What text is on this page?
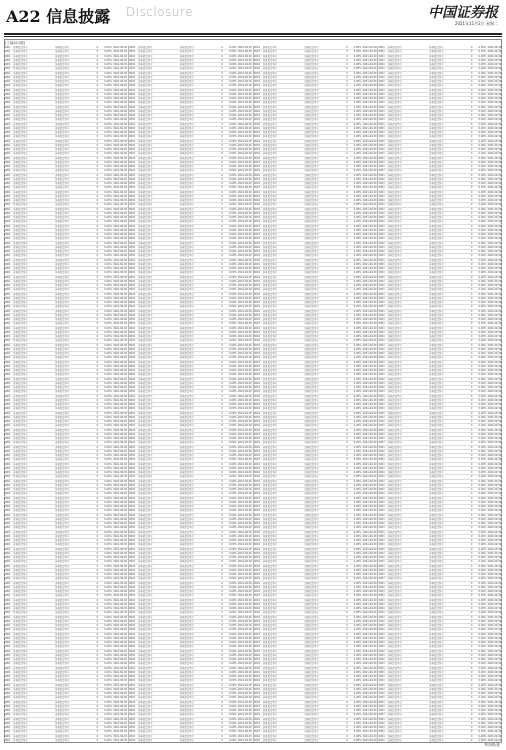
A22 信息披露 Disclosure	中国证券报
2021年11月2日 星期二
(上接A21版)
0001	证券投资基金	证券投资基金	0	0.00% 2021-09-30
0001	证券投资基金	证券投资基金	0	0.00% 2021-09-30
0001	证券投资基金	证券投资基金	0	0.00% 2021-09-30
0001	证券投资基金	证券投资基金	0	0.00% 2021-09-30
0001	证券投资基金	证券投资基金	0	0.00% 2021-09-30
0001	证券投资基金	证券投资基金	0	0.00% 2021-09-30
0001	证券投资基金	证券投资基金	0	0.00% 2021-09-30
0001	证券投资基金	证券投资基金	0	0.00% 2021-09-30
0001	证券投资基金	证券投资基金	0	0.00% 2021-09-30
0001	证券投资基金	证券投资基金	0	0.00% 2021-09-30
0001	证券投资基金	证券投资基金	0	0.00% 2021-09-30
0001	证券投资基金	证券投资基金	0	0.00% 2021-09-30
0001	证券投资基金	证券投资基金	0	0.00% 2021-09-30
0001	证券投资基金	证券投资基金	0	0.00% 2021-09-30
0001	证券投资基金	证券投资基金	0	0.00% 2021-09-30
0001	证券投资基金	证券投资基金	0	0.00% 2021-09-30
0001	证券投资基金	证券投资基金	0	0.00% 2021-09-30
0001	证券投资基金	证券投资基金	0	0.00% 2021-09-30
0001	证券投资基金	证券投资基金	0	0.00% 2021-09-30
0001	证券投资基金	证券投资基金	0	0.00% 2021-09-30
0001	证券投资基金	证券投资基金	0	0.00% 2021-09-30
0001	证券投资基金	证券投资基金	0	0.00% 2021-09-30
0001	证券投资基金	证券投资基金	0	0.00% 2021-09-30
0001	证券投资基金	证券投资基金	0	0.00% 2021-09-30
0001	证券投资基金	证券投资基金	0	0.00% 2021-09-30
0001	证券投资基金	证券投资基金	0	0.00% 2021-09-30
0001	证券投资基金	证券投资基金	0	0.00% 2021-09-30
0001	证券投资基金	证券投资基金	0	0.00% 2021-09-30
0001	证券投资基金	证券投资基金	0	0.00% 2021-09-30
0001	证券投资基金	证券投资基金	0	0.00% 2021-09-30
0001	证券投资基金	证券投资基金	0	0.00% 2021-09-30
0001	证券投资基金	证券投资基金	0	0.00% 2021-09-30
0001	证券投资基金	证券投资基金	0	0.00% 2021-09-30
0001	证券投资基金	证券投资基金	0	0.00% 2021-09-30
0001	证券投资基金	证券投资基金	0	0.00% 2021-09-30
0001	证券投资基金	证券投资基金	0	0.00% 2021-09-30
0001	证券投资基金	证券投资基金	0	0.00% 2021-09-30
0001	证券投资基金	证券投资基金	0	0.00% 2021-09-30
0001	证券投资基金	证券投资基金	0	0.00% 2021-09-30
0001	证券投资基金	证券投资基金	0	0.00% 2021-09-30
0001	证券投资基金	证券投资基金	0	0.00% 2021-09-30
0001	证券投资基金	证券投资基金	0	0.00% 2021-09-30
0001	证券投资基金	证券投资基金	0	0.00% 2021-09-30
0001	证券投资基金	证券投资基金	0	0.00% 2021-09-30
0001	证券投资基金	证券投资基金	0	0.00% 2021-09-30
0001	证券投资基金	证券投资基金	0	0.00% 2021-09-30
0001	证券投资基金	证券投资基金	0	0.00% 2021-09-30
0001	证券投资基金	证券投资基金	0	0.00% 2021-09-30
0001	证券投资基金	证券投资基金	0	0.00% 2021-09-30
0001	证券投资基金	证券投资基金	0	0.00% 2021-09-30
0001	证券投资基金	证券投资基金	0	0.00% 2021-09-30
0001	证券投资基金	证券投资基金	0	0.00% 2021-09-30
0001	证券投资基金	证券投资基金	0	0.00% 2021-09-30
0001	证券投资基金	证券投资基金	0	0.00% 2021-09-30
0001	证券投资基金	证券投资基金	0	0.00% 2021-09-30
0001	证券投资基金	证券投资基金	0	0.00% 2021-09-30
0001	证券投资基金	证券投资基金	0	0.00% 2021-09-30
0001	证券投资基金	证券投资基金	0	0.00% 2021-09-30
0001	证券投资基金	证券投资基金	0	0.00% 2021-09-30
0001	证券投资基金	证券投资基金	0	0.00% 2021-09-30
0001	证券投资基金	证券投资基金	0	0.00% 2021-09-30
0001	证券投资基金	证券投资基金	0	0.00% 2021-09-30
0001	证券投资基金	证券投资基金	0	0.00% 2021-09-30
0001	证券投资基金	证券投资基金	0	0.00% 2021-09-30
0001	证券投资基金	证券投资基金	0	0.00% 2021-09-30
0001	证券投资基金	证券投资基金	0	0.00% 2021-09-30
0001	证券投资基金	证券投资基金	0	0.00% 2021-09-30
0001	证券投资基金	证券投资基金	0	0.00% 2021-09-30
0001	证券投资基金	证券投资基金	0	0.00% 2021-09-30
0001	证券投资基金	证券投资基金	0	0.00% 2021-09-30
0001	证券投资基金	证券投资基金	0	0.00% 2021-09-30
0001	证券投资基金	证券投资基金	0	0.00% 2021-09-30
0001	证券投资基金	证券投资基金	0	0.00% 2021-09-30
0001	证券投资基金	证券投资基金	0	0.00% 2021-09-30
0001	证券投资基金	证券投资基金	0	0.00% 2021-09-30
0001	证券投资基金	证券投资基金	0	0.00% 2021-09-30
0001	证券投资基金	证券投资基金	0	0.00% 2021-09-30
0001	证券投资基金	证券投资基金	0	0.00% 2021-09-30
0001	证券投资基金	证券投资基金	0	0.00% 2021-09-30
0001	证券投资基金	证券投资基金	0	0.00% 2021-09-30
0001	证券投资基金	证券投资基金	0	0.00% 2021-09-30
0001	证券投资基金	证券投资基金	0	0.00% 2021-09-30
0001	证券投资基金	证券投资基金	0	0.00% 2021-09-30
0001	证券投资基金	证券投资基金	0	0.00% 2021-09-30
0001	证券投资基金	证券投资基金	0	0.00% 2021-09-30
0001	证券投资基金	证券投资基金	0	0.00% 2021-09-30
0001	证券投资基金	证券投资基金	0	0.00% 2021-09-30
0001	证券投资基金	证券投资基金	0	0.00% 2021-09-30
0001	证券投资基金	证券投资基金	0	0.00% 2021-09-30
0001	证券投资基金	证券投资基金	0	0.00% 2021-09-30
0001	证券投资基金	证券投资基金	0	0.00% 2021-09-30
0001	证券投资基金	证券投资基金	0	0.00% 2021-09-30
0001	证券投资基金	证券投资基金	0	0.00% 2021-09-30
0001	证券投资基金	证券投资基金	0	0.00% 2021-09-30
0001	证券投资基金	证券投资基金	0	0.00% 2021-09-30
0001	证券投资基金	证券投资基金	0	0.00% 2021-09-30
0001	证券投资基金	证券投资基金	0	0.00% 2021-09-30
0001	证券投资基金	证券投资基金	0	0.00% 2021-09-30
0001	证券投资基金	证券投资基金	0	0.00% 2021-09-30
0001	证券投资基金	证券投资基金	0	0.00% 2021-09-30
0001	证券投资基金	证券投资基金	0	0.00% 2021-09-30
0001	证券投资基金	证券投资基金	0	0.00% 2021-09-30
0001	证券投资基金	证券投资基金	0	0.00% 2021-09-30
0001	证券投资基金	证券投资基金	0	0.00% 2021-09-30
0001	证券投资基金	证券投资基金	0	0.00% 2021-09-30
0001	证券投资基金	证券投资基金	0	0.00% 2021-09-30
0001	证券投资基金	证券投资基金	0	0.00% 2021-09-30
0001	证券投资基金	证券投资基金	0	0.00% 2021-09-30
0001	证券投资基金	证券投资基金	0	0.00% 2021-09-30
0001	证券投资基金	证券投资基金	0	0.00% 2021-09-30
0001	证券投资基金	证券投资基金	0	0.00% 2021-09-30
0001	证券投资基金	证券投资基金	0	0.00% 2021-09-30
0001	证券投资基金	证券投资基金	0	0.00% 2021-09-30
0001	证券投资基金	证券投资基金	0	0.00% 2021-09-30
0001	证券投资基金	证券投资基金	0	0.00% 2021-09-30
0001	证券投资基金	证券投资基金	0	0.00% 2021-09-30
0001	证券投资基金	证券投资基金	0	0.00% 2021-09-30
0001	证券投资基金	证券投资基金	0	0.00% 2021-09-30
0001	证券投资基金	证券投资基金	0	0.00% 2021-09-30
0001	证券投资基金	证券投资基金	0	0.00% 2021-09-30
0001	证券投资基金	证券投资基金	0	0.00% 2021-09-30
0001	证券投资基金	证券投资基金	0	0.00% 2021-09-30
0001	证券投资基金	证券投资基金	0	0.00% 2021-09-30
0001	证券投资基金	证券投资基金	0	0.00% 2021-09-30
0001	证券投资基金	证券投资基金	0	0.00% 2021-09-30
0001	证券投资基金	证券投资基金	0	0.00% 2021-09-30
0001	证券投资基金	证券投资基金	0	0.00% 2021-09-30
0001	证券投资基金	证券投资基金	0	0.00% 2021-09-30
0001	证券投资基金	证券投资基金	0	0.00% 2021-09-30
0001	证券投资基金	证券投资基金	0	0.00% 2021-09-30
0001	证券投资基金	证券投资基金	0	0.00% 2021-09-30
0001	证券投资基金	证券投资基金	0	0.00% 2021-09-30
0001	证券投资基金	证券投资基金	0	0.00% 2021-09-30
0001	证券投资基金	证券投资基金	0	0.00% 2021-09-30
0001	证券投资基金	证券投资基金	0	0.00% 2021-09-30
0001	证券投资基金	证券投资基金	0	0.00% 2021-09-30
0001	证券投资基金	证券投资基金	0	0.00% 2021-09-30
0001	证券投资基金	证券投资基金	0	0.00% 2021-09-30
0001	证券投资基金	证券投资基金	0	0.00% 2021-09-30
0001	证券投资基金	证券投资基金	0	0.00% 2021-09-30
0001	证券投资基金	证券投资基金	0	0.00% 2021-09-30
0001	证券投资基金	证券投资基金	0	0.00% 2021-09-30
0001	证券投资基金	证券投资基金	0	0.00% 2021-09-30
0001	证券投资基金	证券投资基金	0	0.00% 2021-09-30
0001	证券投资基金	证券投资基金	0	0.00% 2021-09-30
0001	证券投资基金	证券投资基金	0	0.00% 2021-09-30
0001	证券投资基金	证券投资基金	0	0.00% 2021-09-30
0001	证券投资基金	证券投资基金	0	0.00% 2021-09-30
0001	证券投资基金	证券投资基金	0	0.00% 2021-09-30
0001	证券投资基金	证券投资基金	0	0.00% 2021-09-30
0001	证券投资基金	证券投资基金	0	0.00% 2021-09-30
0001	证券投资基金	证券投资基金	0	0.00% 2021-09-30
0001	证券投资基金	证券投资基金	0	0.00% 2021-09-30
0001	证券投资基金	证券投资基金	0	0.00% 2021-09-30
0001	证券投资基金	证券投资基金	0	0.00% 2021-09-30
0001	证券投资基金	证券投资基金	0	0.00% 2021-09-30
0001	证券投资基金	证券投资基金	0	0.00% 2021-09-30
0001	证券投资基金	证券投资基金	0	0.00% 2021-09-30
0001	证券投资基金	证券投资基金	0	0.00% 2021-09-30
0001	证券投资基金	证券投资基金	0	0.00% 2021-09-30
0001	证券投资基金	证券投资基金	0	0.00% 2021-09-30
0001	证券投资基金	证券投资基金	0	0.00% 2021-09-30
0001	证券投资基金	证券投资基金	0	0.00% 2021-09-30
0001	证券投资基金	证券投资基金	0	0.00% 2021-09-30
0001	证券投资基金	证券投资基金	0	0.00% 2021-09-30
0001	证券投资基金	证券投资基金	0	0.00% 2021-09-30
0001	证券投资基金	证券投资基金	0	0.00% 2021-09-30
0001	证券投资基金	证券投资基金	0	0.00% 2021-09-30
0001	证券投资基金	证券投资基金	0	0.00% 2021-09-30
0001	证券投资基金	证券投资基金	0	0.00% 2021-09-30
0001	证券投资基金	证券投资基金	0	0.00% 2021-09-30
0001	证券投资基金	证券投资基金	0	0.00% 2021-09-30
0001	证券投资基金	证券投资基金	0	0.00% 2021-09-30
0001	证券投资基金	证券投资基金	0	0.00% 2021-09-30
0001	证券投资基金	证券投资基金	0	0.00% 2021-09-30
0001	证券投资基金	证券投资基金	0	0.00% 2021-09-30
0001	证券投资基金	证券投资基金	0	0.00% 2021-09-30
0001	证券投资基金	证券投资基金	0	0.00% 2021-09-30
0001	证券投资基金	证券投资基金	0	0.00% 2021-09-30
0001	证券投资基金	证券投资基金	0	0.00% 2021-09-30
0001	证券投资基金	证券投资基金	0	0.00% 2021-09-30
0001	证券投资基金	证券投资基金	0	0.00% 2021-09-30
0001	证券投资基金	证券投资基金	0	0.00% 2021-09-30
0001	证券投资基金	证券投资基金	0	0.00% 2021-09-30
0001	证券投资基金	证券投资基金	0	0.00% 2021-09-30
0001	证券投资基金	证券投资基金	0	0.00% 2021-09-30
0001	证券投资基金	证券投资基金	0	0.00% 2021-09-30
0001	证券投资基金	证券投资基金	0	0.00% 2021-09-30
0001	证券投资基金	证券投资基金	0	0.00% 2021-09-30
0001	证券投资基金	证券投资基金	0	0.00% 2021-09-30
0001	证券投资基金	证券投资基金	0	0.00% 2021-09-30
0001	证券投资基金	证券投资基金	0	0.00% 2021-09-30
0001	证券投资基金	证券投资基金	0	0.00% 2021-09-30
0001	证券投资基金	证券投资基金	0	0.00% 2021-09-30
0001	证券投资基金	证券投资基金	0	0.00% 2021-09-30
0001	证券投资基金	证券投资基金	0	0.00% 2021-09-30
0001	证券投资基金	证券投资基金	0	0.00% 2021-09-30
0001	证券投资基金	证券投资基金	0	0.00% 2021-09-30
0001	证券投资基金	证券投资基金	0	0.00% 2021-09-30
0001	证券投资基金	证券投资基金	0	0.00% 2021-09-30
0001	证券投资基金	证券投资基金	0	0.00% 2021-09-30
0001	证券投资基金	证券投资基金	0	0.00% 2021-09-30
0001	证券投资基金	证券投资基金	0	0.00% 2021-09-30
0001	证券投资基金	证券投资基金	0	0.00% 2021-09-30
0001	证券投资基金	证券投资基金	0	0.00% 2021-09-30
0001	证券投资基金	证券投资基金	0	0.00% 2021-09-30
0001	证券投资基金	证券投资基金	0	0.00% 2021-09-30
0001	证券投资基金	证券投资基金	0	0.00% 2021-09-30
0001	证券投资基金	证券投资基金	0	0.00% 2021-09-30
0001	证券投资基金	证券投资基金	0	0.00% 2021-09-30
0001	证券投资基金	证券投资基金	0	0.00% 2021-09-30
0001	证券投资基金	证券投资基金	0	0.00% 2021-09-30
0001	证券投资基金	证券投资基金	0	0.00% 2021-09-30
0001	证券投资基金	证券投资基金	0	0.00% 2021-09-30
0001	证券投资基金	证券投资基金	0	0.00% 2021-09-30
0001	证券投资基金	证券投资基金	0	0.00% 2021-09-30
0001	证券投资基金	证券投资基金	0	0.00% 2021-09-30
0001	证券投资基金	证券投资基金	0	0.00% 2021-09-30
0001	证券投资基金	证券投资基金	0	0.00% 2021-09-30
0001	证券投资基金	证券投资基金	0	0.00% 2021-09-30
0001	证券投资基金	证券投资基金	0	0.00% 2021-09-30
0001	证券投资基金	证券投资基金	0	0.00% 2021-09-30
0001	证券投资基金	证券投资基金	0	0.00% 2021-09-30
0001	证券投资基金	证券投资基金	0	0.00% 2021-09-30
0001	证券投资基金	证券投资基金	0	0.00% 2021-09-30
0001	证券投资基金	证券投资基金	0	0.00% 2021-09-30
0001	证券投资基金	证券投资基金	0	0.00% 2021-09-30
0001	证券投资基金	证券投资基金	0	0.00% 2021-09-30
0001	证券投资基金	证券投资基金	0	0.00% 2021-09-30
0001	证券投资基金	证券投资基金	0	0.00% 2021-09-30
0001	证券投资基金	证券投资基金	0	0.00% 2021-09-30
0001	证券投资基金	证券投资基金	0	0.00% 2021-09-30
0001	证券投资基金	证券投资基金	0	0.00% 2021-09-30
0001	证券投资基金	证券投资基金	0	0.00% 2021-09-30
0001	证券投资基金	证券投资基金	0	0.00% 2021-09-30
0001	证券投资基金	证券投资基金	0	0.00% 2021-09-30
0001	证券投资基金	证券投资基金	0	0.00% 2021-09-30
0001	证券投资基金	证券投资基金	0	0.00% 2021-09-30
0001	证券投资基金	证券投资基金	0	0.00% 2021-09-30
0001	证券投资基金	证券投资基金	0	0.00% 2021-09-30
0001	证券投资基金	证券投资基金	0	0.00% 2021-09-30
0001	证券投资基金	证券投资基金	0	0.00% 2021-09-30
0001	证券投资基金	证券投资基金	0	0.00% 2021-09-30
0001	证券投资基金	证券投资基金	0	0.00% 2021-09-30
0001	证券投资基金	证券投资基金	0	0.00% 2021-09-30
0001	证券投资基金	证券投资基金	0	0.00% 2021-09-30
0001	证券投资基金	证券投资基金	0	0.00% 2021-09-30
0001	证券投资基金	证券投资基金	0	0.00% 2021-09-30
0001	证券投资基金	证券投资基金	0	0.00% 2021-09-30
0001	证券投资基金	证券投资基金	0	0.00% 2021-09-30
0001	证券投资基金	证券投资基金	0	0.00% 2021-09-30
0001	证券投资基金	证券投资基金	0	0.00% 2021-09-30
0001	证券投资基金	证券投资基金	0	0.00% 2021-09-30
0001	证券投资基金	证券投资基金	0	0.00% 2021-09-30
0001	证券投资基金	证券投资基金	0	0.00% 2021-09-30
0001	证券投资基金	证券投资基金	0	0.00% 2021-09-30
0001	证券投资基金	证券投资基金	0	0.00% 2021-09-30
0001	证券投资基金	证券投资基金	0	0.00% 2021-09-30
0001	证券投资基金	证券投资基金	0	0.00% 2021-09-30
0001	证券投资基金	证券投资基金	0	0.00% 2021-09-30
0001	证券投资基金	证券投资基金	0	0.00% 2021-09-30
0001	证券投资基金	证券投资基金	0	0.00% 2021-09-30
0001	证券投资基金	证券投资基金	0	0.00% 2021-09-30
0001	证券投资基金	证券投资基金	0	0.00% 2021-09-30
0001	证券投资基金	证券投资基金	0	0.00% 2021-09-30
0001	证券投资基金	证券投资基金	0	0.00% 2021-09-30
0001	证券投资基金	证券投资基金	0	0.00% 2021-09-30
0001	证券投资基金	证券投资基金	0	0.00% 2021-09-30
0001	证券投资基金	证券投资基金	0	0.00% 2021-09-30
0001	证券投资基金	证券投资基金	0	0.00% 2021-09-30
0001	证券投资基金	证券投资基金	0	0.00% 2021-09-30
0001	证券投资基金	证券投资基金	0	0.00% 2021-09-30
0001	证券投资基金	证券投资基金	0	0.00% 2021-09-30
0001	证券投资基金	证券投资基金	0	0.00% 2021-09-30
0001	证券投资基金	证券投资基金	0	0.00% 2021-09-30
0001	证券投资基金	证券投资基金	0	0.00% 2021-09-30
0001	证券投资基金	证券投资基金	0	0.00% 2021-09-30
0001	证券投资基金	证券投资基金	0	0.00% 2021-09-30
0001	证券投资基金	证券投资基金	0	0.00% 2021-09-30
0001	证券投资基金	证券投资基金	0	0.00% 2021-09-30
0001	证券投资基金	证券投资基金	0	0.00% 2021-09-30
0001	证券投资基金	证券投资基金	0	0.00% 2021-09-30
0001	证券投资基金	证券投资基金	0	0.00% 2021-09-30
0001	证券投资基金	证券投资基金	0	0.00% 2021-09-30
0001	证券投资基金	证券投资基金	0	0.00% 2021-09-30
0001	证券投资基金	证券投资基金	0	0.00% 2021-09-30
0001	证券投资基金	证券投资基金	0	0.00% 2021-09-30
0001	证券投资基金	证券投资基金	0	0.00% 2021-09-30
0001	证券投资基金	证券投资基金	0	0.00% 2021-09-30
0001	证券投资基金	证券投资基金	0	0.00% 2021-09-30
0001	证券投资基金	证券投资基金	0	0.00% 2021-09-30
0001	证券投资基金	证券投资基金	0	0.00% 2021-09-30
0001	证券投资基金	证券投资基金	0	0.00% 2021-09-30
0001	证券投资基金	证券投资基金	0	0.00% 2021-09-30
0001	证券投资基金	证券投资基金	0	0.00% 2021-09-30
0001	证券投资基金	证券投资基金	0	0.00% 2021-09-30
0001	证券投资基金	证券投资基金	0	0.00% 2021-09-30
0001	证券投资基金	证券投资基金	0	0.00% 2021-09-30
0001	证券投资基金	证券投资基金	0	0.00% 2021-09-30
0001	证券投资基金	证券投资基金	0	0.00% 2021-09-30
0001	证券投资基金	证券投资基金	0	0.00% 2021-09-30
0001	证券投资基金	证券投资基金	0	0.00% 2021-09-30
0001	证券投资基金	证券投资基金	0	0.00% 2021-09-30
0001	证券投资基金	证券投资基金	0	0.00% 2021-09-30
0001	证券投资基金	证券投资基金	0	0.00% 2021-09-30
0001	证券投资基金	证券投资基金	0	0.00% 2021-09-30
0001	证券投资基金	证券投资基金	0	0.00% 2021-09-30
0001	证券投资基金	证券投资基金	0	0.00% 2021-09-30
0001	证券投资基金	证券投资基金	0	0.00% 2021-09-30
0001	证券投资基金	证券投资基金	0	0.00% 2021-09-30
0001	证券投资基金	证券投资基金	0	0.00% 2021-09-30
0001	证券投资基金	证券投资基金	0	0.00% 2021-09-30
0001	证券投资基金	证券投资基金	0	0.00% 2021-09-30
0001	证券投资基金	证券投资基金	0	0.00% 2021-09-30
0001	证券投资基金	证券投资基金	0	0.00% 2021-09-30
0001	证券投资基金	证券投资基金	0	0.00% 2021-09-30
0001	证券投资基金	证券投资基金	0	0.00% 2021-09-30
0001	证券投资基金	证券投资基金	0	0.00% 2021-09-30
0001	证券投资基金	证券投资基金	0	0.00% 2021-09-30
0001	证券投资基金	证券投资基金	0	0.00% 2021-09-30
0001	证券投资基金	证券投资基金	0	0.00% 2021-09-30
0001	证券投资基金	证券投资基金	0	0.00% 2021-09-30
0001	证券投资基金	证券投资基金	0	0.00% 2021-09-30
0001	证券投资基金	证券投资基金	0	0.00% 2021-09-30
0001	证券投资基金	证券投资基金	0	0.00% 2021-09-30
0001	证券投资基金	证券投资基金	0	0.00% 2021-09-30
0001	证券投资基金	证券投资基金	0	0.00% 2021-09-30
0001	证券投资基金	证券投资基金	0	0.00% 2021-09-30
0001	证券投资基金	证券投资基金	0	0.00% 2021-09-30
0001	证券投资基金	证券投资基金	0	0.00% 2021-09-30
0001	证券投资基金	证券投资基金	0	0.00% 2021-09-30
0001	证券投资基金	证券投资基金	0	0.00% 2021-09-30
0001	证券投资基金	证券投资基金	0	0.00% 2021-09-30
0001	证券投资基金	证券投资基金	0	0.00% 2021-09-30
0001	证券投资基金	证券投资基金	0	0.00% 2021-09-30
0001	证券投资基金	证券投资基金	0	0.00% 2021-09-30
0001	证券投资基金	证券投资基金	0	0.00% 2021-09-30
0001	证券投资基金	证券投资基金	0	0.00% 2021-09-30
0001	证券投资基金	证券投资基金	0	0.00% 2021-09-30
0001	证券投资基金	证券投资基金	0	0.00% 2021-09-30
0001	证券投资基金	证券投资基金	0	0.00% 2021-09-30
0001	证券投资基金	证券投资基金	0	0.00% 2021-09-30
0001	证券投资基金	证券投资基金	0	0.00% 2021-09-30
0001	证券投资基金	证券投资基金	0	0.00% 2021-09-30
0001	证券投资基金	证券投资基金	0	0.00% 2021-09-30
0001	证券投资基金	证券投资基金	0	0.00% 2021-09-30
0001	证券投资基金	证券投资基金	0	0.00% 2021-09-30
0001	证券投资基金	证券投资基金	0	0.00% 2021-09-30
0001	证券投资基金	证券投资基金	0	0.00% 2021-09-30
0001	证券投资基金	证券投资基金	0	0.00% 2021-09-30
0001	证券投资基金	证券投资基金	0	0.00% 2021-09-30
0001	证券投资基金	证券投资基金	0	0.00% 2021-09-30
0001	证券投资基金	证券投资基金	0	0.00% 2021-09-30
0001	证券投资基金	证券投资基金	0	0.00% 2021-09-30
0001	证券投资基金	证券投资基金	0	0.00% 2021-09-30
0001	证券投资基金	证券投资基金	0	0.00% 2021-09-30
0001	证券投资基金	证券投资基金	0	0.00% 2021-09-30
0001	证券投资基金	证券投资基金	0	0.00% 2021-09-30
0001	证券投资基金	证券投资基金	0	0.00% 2021-09-30
0001	证券投资基金	证券投资基金	0	0.00% 2021-09-30
0001	证券投资基金	证券投资基金	0	0.00% 2021-09-30
0001	证券投资基金	证券投资基金	0	0.00% 2021-09-30
0001	证券投资基金	证券投资基金	0	0.00% 2021-09-30
0001	证券投资基金	证券投资基金	0	0.00% 2021-09-30
0001	证券投资基金	证券投资基金	0	0.00% 2021-09-30
0001	证券投资基金	证券投资基金	0	0.00% 2021-09-30
0001	证券投资基金	证券投资基金	0	0.00% 2021-09-30
0001	证券投资基金	证券投资基金	0	0.00% 2021-09-30
0001	证券投资基金	证券投资基金	0	0.00% 2021-09-30
0001	证券投资基金	证券投资基金	0	0.00% 2021-09-30
0001	证券投资基金	证券投资基金	0	0.00% 2021-09-30
0001	证券投资基金	证券投资基金	0	0.00% 2021-09-30
0001	证券投资基金	证券投资基金	0	0.00% 2021-09-30
0001	证券投资基金	证券投资基金	0	0.00% 2021-09-30
0001	证券投资基金	证券投资基金	0	0.00% 2021-09-30
0001	证券投资基金	证券投资基金	0	0.00% 2021-09-30
0001	证券投资基金	证券投资基金	0	0.00% 2021-09-30
0001	证券投资基金	证券投资基金	0	0.00% 2021-09-30
0001	证券投资基金	证券投资基金	0	0.00% 2021-09-30
0001	证券投资基金	证券投资基金	0	0.00% 2021-09-30
0001	证券投资基金	证券投资基金	0	0.00% 2021-09-30
0001	证券投资基金	证券投资基金	0	0.00% 2021-09-30
0001	证券投资基金	证券投资基金	0	0.00% 2021-09-30
0001	证券投资基金	证券投资基金	0	0.00% 2021-09-30
0001	证券投资基金	证券投资基金	0	0.00% 2021-09-30
0001	证券投资基金	证券投资基金	0	0.00% 2021-09-30
0001	证券投资基金	证券投资基金	0	0.00% 2021-09-30
0001	证券投资基金	证券投资基金	0	0.00% 2021-09-30
0001	证券投资基金	证券投资基金	0	0.00% 2021-09-30
0001	证券投资基金	证券投资基金	0	0.00% 2021-09-30
0001	证券投资基金	证券投资基金	0	0.00% 2021-09-30
0001	证券投资基金	证券投资基金	0	0.00% 2021-09-30
0001	证券投资基金	证券投资基金	0	0.00% 2021-09-30
0001	证券投资基金	证券投资基金	0	0.00% 2021-09-30
0001	证券投资基金	证券投资基金	0	0.00% 2021-09-30
0001	证券投资基金	证券投资基金	0	0.00% 2021-09-30
0001	证券投资基金	证券投资基金	0	0.00% 2021-09-30
0001	证券投资基金	证券投资基金	0	0.00% 2021-09-30
0001	证券投资基金	证券投资基金	0	0.00% 2021-09-30
0001	证券投资基金	证券投资基金	0	0.00% 2021-09-30
0001	证券投资基金	证券投资基金	0	0.00% 2021-09-30
0001	证券投资基金	证券投资基金	0	0.00% 2021-09-30
0001	证券投资基金	证券投资基金	0	0.00% 2021-09-30
0001	证券投资基金	证券投资基金	0	0.00% 2021-09-30
0001	证券投资基金	证券投资基金	0	0.00% 2021-09-30
0001	证券投资基金	证券投资基金	0	0.00% 2021-09-30
0001	证券投资基金	证券投资基金	0	0.00% 2021-09-30
0001	证券投资基金	证券投资基金	0	0.00% 2021-09-30
0001	证券投资基金	证券投资基金	0	0.00% 2021-09-30
0001	证券投资基金	证券投资基金	0	0.00% 2021-09-30
0001	证券投资基金	证券投资基金	0	0.00% 2021-09-30
0001	证券投资基金	证券投资基金	0	0.00% 2021-09-30
0001	证券投资基金	证券投资基金	0	0.00% 2021-09-30
0001	证券投资基金	证券投资基金	0	0.00% 2021-09-30
0001	证券投资基金	证券投资基金	0	0.00% 2021-09-30
0001	证券投资基金	证券投资基金	0	0.00% 2021-09-30
0001	证券投资基金	证券投资基金	0	0.00% 2021-09-30
0001	证券投资基金	证券投资基金	0	0.00% 2021-09-30
0001	证券投资基金	证券投资基金	0	0.00% 2021-09-30
0001	证券投资基金	证券投资基金	0	0.00% 2021-09-30
0001	证券投资基金	证券投资基金	0	0.00% 2021-09-30
0001	证券投资基金	证券投资基金	0	0.00% 2021-09-30
0001	证券投资基金	证券投资基金	0	0.00% 2021-09-30
0001	证券投资基金	证券投资基金	0	0.00% 2021-09-30
0001	证券投资基金	证券投资基金	0	0.00% 2021-09-30
0001	证券投资基金	证券投资基金	0	0.00% 2021-09-30
0001	证券投资基金	证券投资基金	0	0.00% 2021-09-30
0001	证券投资基金	证券投资基金	0	0.00% 2021-09-30
0001	证券投资基金	证券投资基金	0	0.00% 2021-09-30
0001	证券投资基金	证券投资基金	0	0.00% 2021-09-30
0001	证券投资基金	证券投资基金	0	0.00% 2021-09-30
0001	证券投资基金	证券投资基金	0	0.00% 2021-09-30
0001	证券投资基金	证券投资基金	0	0.00% 2021-09-30
0001	证券投资基金	证券投资基金	0	0.00% 2021-09-30
0001	证券投资基金	证券投资基金	0	0.00% 2021-09-30
0001	证券投资基金	证券投资基金	0	0.00% 2021-09-30
0001	证券投资基金	证券投资基金	0	0.00% 2021-09-30
0001	证券投资基金	证券投资基金	0	0.00% 2021-09-30
0001	证券投资基金	证券投资基金	0	0.00% 2021-09-30
0001	证券投资基金	证券投资基金	0	0.00% 2021-09-30
0001	证券投资基金	证券投资基金	0	0.00% 2021-09-30
0001	证券投资基金	证券投资基金	0	0.00% 2021-09-30
0001	证券投资基金	证券投资基金	0	0.00% 2021-09-30
0001	证券投资基金	证券投资基金	0	0.00% 2021-09-30
0001	证券投资基金	证券投资基金	0	0.00% 2021-09-30
0001	证券投资基金	证券投资基金	0	0.00% 2021-09-30
0001	证券投资基金	证券投资基金	0	0.00% 2021-09-30
0001	证券投资基金	证券投资基金	0	0.00% 2021-09-30
0001	证券投资基金	证券投资基金	0	0.00% 2021-09-30
0001	证券投资基金	证券投资基金	0	0.00% 2021-09-30
0001	证券投资基金	证券投资基金	0	0.00% 2021-09-30
0001	证券投资基金	证券投资基金	0	0.00% 2021-09-30
0001	证券投资基金	证券投资基金	0	0.00% 2021-09-30
0001	证券投资基金	证券投资基金	0	0.00% 2021-09-30
0001	证券投资基金	证券投资基金	0	0.00% 2021-09-30
0001	证券投资基金	证券投资基金	0	0.00% 2021-09-30
0001	证券投资基金	证券投资基金	0	0.00% 2021-09-30
0001	证券投资基金	证券投资基金	0	0.00% 2021-09-30
0001	证券投资基金	证券投资基金	0	0.00% 2021-09-30
0001	证券投资基金	证券投资基金	0	0.00% 2021-09-30
0001	证券投资基金	证券投资基金	0	0.00% 2021-09-30
0001	证券投资基金	证券投资基金	0	0.00% 2021-09-30
0001	证券投资基金	证券投资基金	0	0.00% 2021-09-30
0001	证券投资基金	证券投资基金	0	0.00% 2021-09-30
0001	证券投资基金	证券投资基金	0	0.00% 2021-09-30
0001	证券投资基金	证券投资基金	0	0.00% 2021-09-30
0001	证券投资基金	证券投资基金	0	0.00% 2021-09-30
0001	证券投资基金	证券投资基金	0	0.00% 2021-09-30
0001	证券投资基金	证券投资基金	0	0.00% 2021-09-30
0001	证券投资基金	证券投资基金	0	0.00% 2021-09-30
0001	证券投资基金	证券投资基金	0	0.00% 2021-09-30
0001	证券投资基金	证券投资基金	0	0.00% 2021-09-30
0001	证券投资基金	证券投资基金	0	0.00% 2021-09-30
0001	证券投资基金	证券投资基金	0	0.00% 2021-09-30
0001	证券投资基金	证券投资基金	0	0.00% 2021-09-30
0001	证券投资基金	证券投资基金	0	0.00% 2021-09-30
0001	证券投资基金	证券投资基金	0	0.00% 2021-09-30
0001	证券投资基金	证券投资基金	0	0.00% 2021-09-30
0001	证券投资基金	证券投资基金	0	0.00% 2021-09-30
0001	证券投资基金	证券投资基金	0	0.00% 2021-09-30
0001	证券投资基金	证券投资基金	0	0.00% 2021-09-30
0001	证券投资基金	证券投资基金	0	0.00% 2021-09-30
0001	证券投资基金	证券投资基金	0	0.00% 2021-09-30
0001	证券投资基金	证券投资基金	0	0.00% 2021-09-30
0001	证券投资基金	证券投资基金	0	0.00% 2021-09-30
0001	证券投资基金	证券投资基金	0	0.00% 2021-09-30
0001	证券投资基金	证券投资基金	0	0.00% 2021-09-30
0001	证券投资基金	证券投资基金	0	0.00% 2021-09-30
0001	证券投资基金	证券投资基金	0	0.00% 2021-09-30
0001	证券投资基金	证券投资基金	0	0.00% 2021-09-30
0001	证券投资基金	证券投资基金	0	0.00% 2021-09-30
0001	证券投资基金	证券投资基金	0	0.00% 2021-09-30
0001	证券投资基金	证券投资基金	0	0.00% 2021-09-30
0001	证券投资基金	证券投资基金	0	0.00% 2021-09-30
0001	证券投资基金	证券投资基金	0	0.00% 2021-09-30
0001	证券投资基金	证券投资基金	0	0.00% 2021-09-30
0001	证券投资基金	证券投资基金	0	0.00% 2021-09-30
0001	证券投资基金	证券投资基金	0	0.00% 2021-09-30
0001	证券投资基金	证券投资基金	0	0.00% 2021-09-30
0001	证券投资基金	证券投资基金	0	0.00% 2021-09-30
0001	证券投资基金	证券投资基金	0	0.00% 2021-09-30
0001	证券投资基金	证券投资基金	0	0.00% 2021-09-30
0001	证券投资基金	证券投资基金	0	0.00% 2021-09-30
0001	证券投资基金	证券投资基金	0	0.00% 2021-09-30
0001	证券投资基金	证券投资基金	0	0.00% 2021-09-30
0001	证券投资基金	证券投资基金	0	0.00% 2021-09-30
0001	证券投资基金	证券投资基金	0	0.00% 2021-09-30
0001	证券投资基金	证券投资基金	0	0.00% 2021-09-30
0001	证券投资基金	证券投资基金	0	0.00% 2021-09-30
0001	证券投资基金	证券投资基金	0	0.00% 2021-09-30
0001	证券投资基金	证券投资基金	0	0.00% 2021-09-30
0001	证券投资基金	证券投资基金	0	0.00% 2021-09-30
0001	证券投资基金	证券投资基金	0	0.00% 2021-09-30
0001	证券投资基金	证券投资基金	0	0.00% 2021-09-30
0001	证券投资基金	证券投资基金	0	0.00% 2021-09-30
0001	证券投资基金	证券投资基金	0	0.00% 2021-09-30
0001	证券投资基金	证券投资基金	0	0.00% 2021-09-30
0001	证券投资基金	证券投资基金	0	0.00% 2021-09-30
0001	证券投资基金	证券投资基金	0	0.00% 2021-09-30
0001	证券投资基金	证券投资基金	0	0.00% 2021-09-30
0001	证券投资基金	证券投资基金	0	0.00% 2021-09-30
0001	证券投资基金	证券投资基金	0	0.00% 2021-09-30
0001	证券投资基金	证券投资基金	0	0.00% 2021-09-30
0001	证券投资基金	证券投资基金	0	0.00% 2021-09-30
0001	证券投资基金	证券投资基金	0	0.00% 2021-09-30
0001	证券投资基金	证券投资基金	0	0.00% 2021-09-30
0001	证券投资基金	证券投资基金	0	0.00% 2021-09-30
0001	证券投资基金	证券投资基金	0	0.00% 2021-09-30
0001	证券投资基金	证券投资基金	0	0.00% 2021-09-30
0001	证券投资基金	证券投资基金	0	0.00% 2021-09-30
0001	证券投资基金	证券投资基金	0	0.00% 2021-09-30
0001	证券投资基金	证券投资基金	0	0.00% 2021-09-30
0001	证券投资基金	证券投资基金	0	0.00% 2021-09-30
0001	证券投资基金	证券投资基金	0	0.00% 2021-09-30
0001	证券投资基金	证券投资基金	0	0.00% 2021-09-30
0001	证券投资基金	证券投资基金	0	0.00% 2021-09-30
0001	证券投资基金	证券投资基金	0	0.00% 2021-09-30
0001	证券投资基金	证券投资基金	0	0.00% 2021-09-30
0001	证券投资基金	证券投资基金	0	0.00% 2021-09-30
0001	证券投资基金	证券投资基金	0	0.00% 2021-09-30
0001	证券投资基金	证券投资基金	0	0.00% 2021-09-30
0001	证券投资基金	证券投资基金	0	0.00% 2021-09-30
0001	证券投资基金	证券投资基金	0	0.00% 2021-09-30
0001	证券投资基金	证券投资基金	0	0.00% 2021-09-30
0001	证券投资基金	证券投资基金	0	0.00% 2021-09-30
0001	证券投资基金	证券投资基金	0	0.00% 2021-09-30
0001	证券投资基金	证券投资基金	0	0.00% 2021-09-30
0001	证券投资基金	证券投资基金	0	0.00% 2021-09-30
0001	证券投资基金	证券投资基金	0	0.00% 2021-09-30
0001	证券投资基金	证券投资基金	0	0.00% 2021-09-30
0001	证券投资基金	证券投资基金	0	0.00% 2021-09-30
0001	证券投资基金	证券投资基金	0	0.00% 2021-09-30
0001	证券投资基金	证券投资基金	0	0.00% 2021-09-30
0001	证券投资基金	证券投资基金	0	0.00% 2021-09-30
0001	证券投资基金	证券投资基金	0	0.00% 2021-09-30
0001	证券投资基金	证券投资基金	0	0.00% 2021-09-30
0001	证券投资基金	证券投资基金	0	0.00% 2021-09-30
0001	证券投资基金	证券投资基金	0	0.00% 2021-09-30
0001	证券投资基金	证券投资基金	0	0.00% 2021-09-30
0001	证券投资基金	证券投资基金	0	0.00% 2021-09-30
0001	证券投资基金	证券投资基金	0	0.00% 2021-09-30
0001	证券投资基金	证券投资基金	0	0.00% 2021-09-30
0001	证券投资基金	证券投资基金	0	0.00% 2021-09-30
0001	证券投资基金	证券投资基金	0	0.00% 2021-09-30
0001	证券投资基金	证券投资基金	0	0.00% 2021-09-30
0001	证券投资基金	证券投资基金	0	0.00% 2021-09-30
0001	证券投资基金	证券投资基金	0	0.00% 2021-09-30
0001	证券投资基金	证券投资基金	0	0.00% 2021-09-30
0001	证券投资基金	证券投资基金	0	0.00% 2021-09-30
0001	证券投资基金	证券投资基金	0	0.00% 2021-09-30
0001	证券投资基金	证券投资基金	0	0.00% 2021-09-30
0001	证券投资基金	证券投资基金	0	0.00% 2021-09-30
0001	证券投资基金	证券投资基金	0	0.00% 2021-09-30
0001	证券投资基金	证券投资基金	0	0.00% 2021-09-30
0001	证券投资基金	证券投资基金	0	0.00% 2021-09-30
0001	证券投资基金	证券投资基金	0	0.00% 2021-09-30
0001	证券投资基金	证券投资基金	0	0.00% 2021-09-30
0001	证券投资基金	证券投资基金	0	0.00% 2021-09-30
0001	证券投资基金	证券投资基金	0	0.00% 2021-09-30
0001	证券投资基金	证券投资基金	0	0.00% 2021-09-30
0001	证券投资基金	证券投资基金	0	0.00% 2021-09-30
0001	证券投资基金	证券投资基金	0	0.00% 2021-09-30
0001	证券投资基金	证券投资基金	0	0.00% 2021-09-30
0001	证券投资基金	证券投资基金	0	0.00% 2021-09-30
0001	证券投资基金	证券投资基金	0	0.00% 2021-09-30
0001	证券投资基金	证券投资基金	0	0.00% 2021-09-30
0001	证券投资基金	证券投资基金	0	0.00% 2021-09-30
0001	证券投资基金	证券投资基金	0	0.00% 2021-09-30
0001	证券投资基金	证券投资基金	0	0.00% 2021-09-30
0001	证券投资基金	证券投资基金	0	0.00% 2021-09-30
0001	证券投资基金	证券投资基金	0	0.00% 2021-09-30
0001	证券投资基金	证券投资基金	0	0.00% 2021-09-30
0001	证券投资基金	证券投资基金	0	0.00% 2021-09-30
0001	证券投资基金	证券投资基金	0	0.00% 2021-09-30
0001	证券投资基金	证券投资基金	0	0.00% 2021-09-30
0001	证券投资基金	证券投资基金	0	0.00% 2021-09-30
0001	证券投资基金	证券投资基金	0	0.00% 2021-09-30
0001	证券投资基金	证券投资基金	0	0.00% 2021-09-30
0001	证券投资基金	证券投资基金	0	0.00% 2021-09-30
0001	证券投资基金	证券投资基金	0	0.00% 2021-09-30
0001	证券投资基金	证券投资基金	0	0.00% 2021-09-30
0001	证券投资基金	证券投资基金	0	0.00% 2021-09-30
0001	证券投资基金	证券投资基金	0	0.00% 2021-09-30
0001	证券投资基金	证券投资基金	0	0.00% 2021-09-30
0001	证券投资基金	证券投资基金	0	0.00% 2021-09-30
0001	证券投资基金	证券投资基金	0	0.00% 2021-09-30
0001	证券投资基金	证券投资基金	0	0.00% 2021-09-30
0001	证券投资基金	证券投资基金	0	0.00% 2021-09-30
0001	证券投资基金	证券投资基金	0	0.00% 2021-09-30
0001	证券投资基金	证券投资基金	0	0.00% 2021-09-30
0001	证券投资基金	证券投资基金	0	0.00% 2021-09-30
0001	证券投资基金	证券投资基金	0	0.00% 2021-09-30
0001	证券投资基金	证券投资基金	0	0.00% 2021-09-30
0001	证券投资基金	证券投资基金	0	0.00% 2021-09-30
0001	证券投资基金	证券投资基金	0	0.00% 2021-09-30
0001	证券投资基金	证券投资基金	0	0.00% 2021-09-30
0001	证券投资基金	证券投资基金	0	0.00% 2021-09-30
0001	证券投资基金	证券投资基金	0	0.00% 2021-09-30
0001	证券投资基金	证券投资基金	0	0.00% 2021-09-30
0001	证券投资基金	证券投资基金	0	0.00% 2021-09-30
0001	证券投资基金	证券投资基金	0	0.00% 2021-09-30
0001	证券投资基金	证券投资基金	0	0.00% 2021-09-30
0001	证券投资基金	证券投资基金	0	0.00% 2021-09-30
0001	证券投资基金	证券投资基金	0	0.00% 2021-09-30
0001	证券投资基金	证券投资基金	0	0.00% 2021-09-30
0001	证券投资基金	证券投资基金	0	0.00% 2021-09-30
0001	证券投资基金	证券投资基金	0	0.00% 2021-09-30
0001	证券投资基金	证券投资基金	0	0.00% 2021-09-30
0001	证券投资基金	证券投资基金	0	0.00% 2021-09-30
0001	证券投资基金	证券投资基金	0	0.00% 2021-09-30
0001	证券投资基金	证券投资基金	0	0.00% 2021-09-30
0001	证券投资基金	证券投资基金	0	0.00% 2021-09-30
0001	证券投资基金	证券投资基金	0	0.00% 2021-09-30
0001	证券投资基金	证券投资基金	0	0.00% 2021-09-30
0001	证券投资基金	证券投资基金	0	0.00% 2021-09-30
0001	证券投资基金	证券投资基金	0	0.00% 2021-09-30
0001	证券投资基金	证券投资基金	0	0.00% 2021-09-30
0001	证券投资基金	证券投资基金	0	0.00% 2021-09-30
0001	证券投资基金	证券投资基金	0	0.00% 2021-09-30
0001	证券投资基金	证券投资基金	0	0.00% 2021-09-30
0001	证券投资基金	证券投资基金	0	0.00% 2021-09-30
0001	证券投资基金	证券投资基金	0	0.00% 2021-09-30
0001	证券投资基金	证券投资基金	0	0.00% 2021-09-30
0001	证券投资基金	证券投资基金	0	0.00% 2021-09-30
0001	证券投资基金	证券投资基金	0	0.00% 2021-09-30
0001	证券投资基金	证券投资基金	0	0.00% 2021-09-30
0001	证券投资基金	证券投资基金	0	0.00% 2021-09-30
0001	证券投资基金	证券投资基金	0	0.00% 2021-09-30
0001	证券投资基金	证券投资基金	0	0.00% 2021-09-30
0001	证券投资基金	证券投资基金	0	0.00% 2021-09-30
0001	证券投资基金	证券投资基金	0	0.00% 2021-09-30
0001	证券投资基金	证券投资基金	0	0.00% 2021-09-30
0001	证券投资基金	证券投资基金	0	0.00% 2021-09-30
0001	证券投资基金	证券投资基金	0	0.00% 2021-09-30
0001	证券投资基金	证券投资基金	0	0.00% 2021-09-30
0001	证券投资基金	证券投资基金	0	0.00% 2021-09-30
华东纸张
